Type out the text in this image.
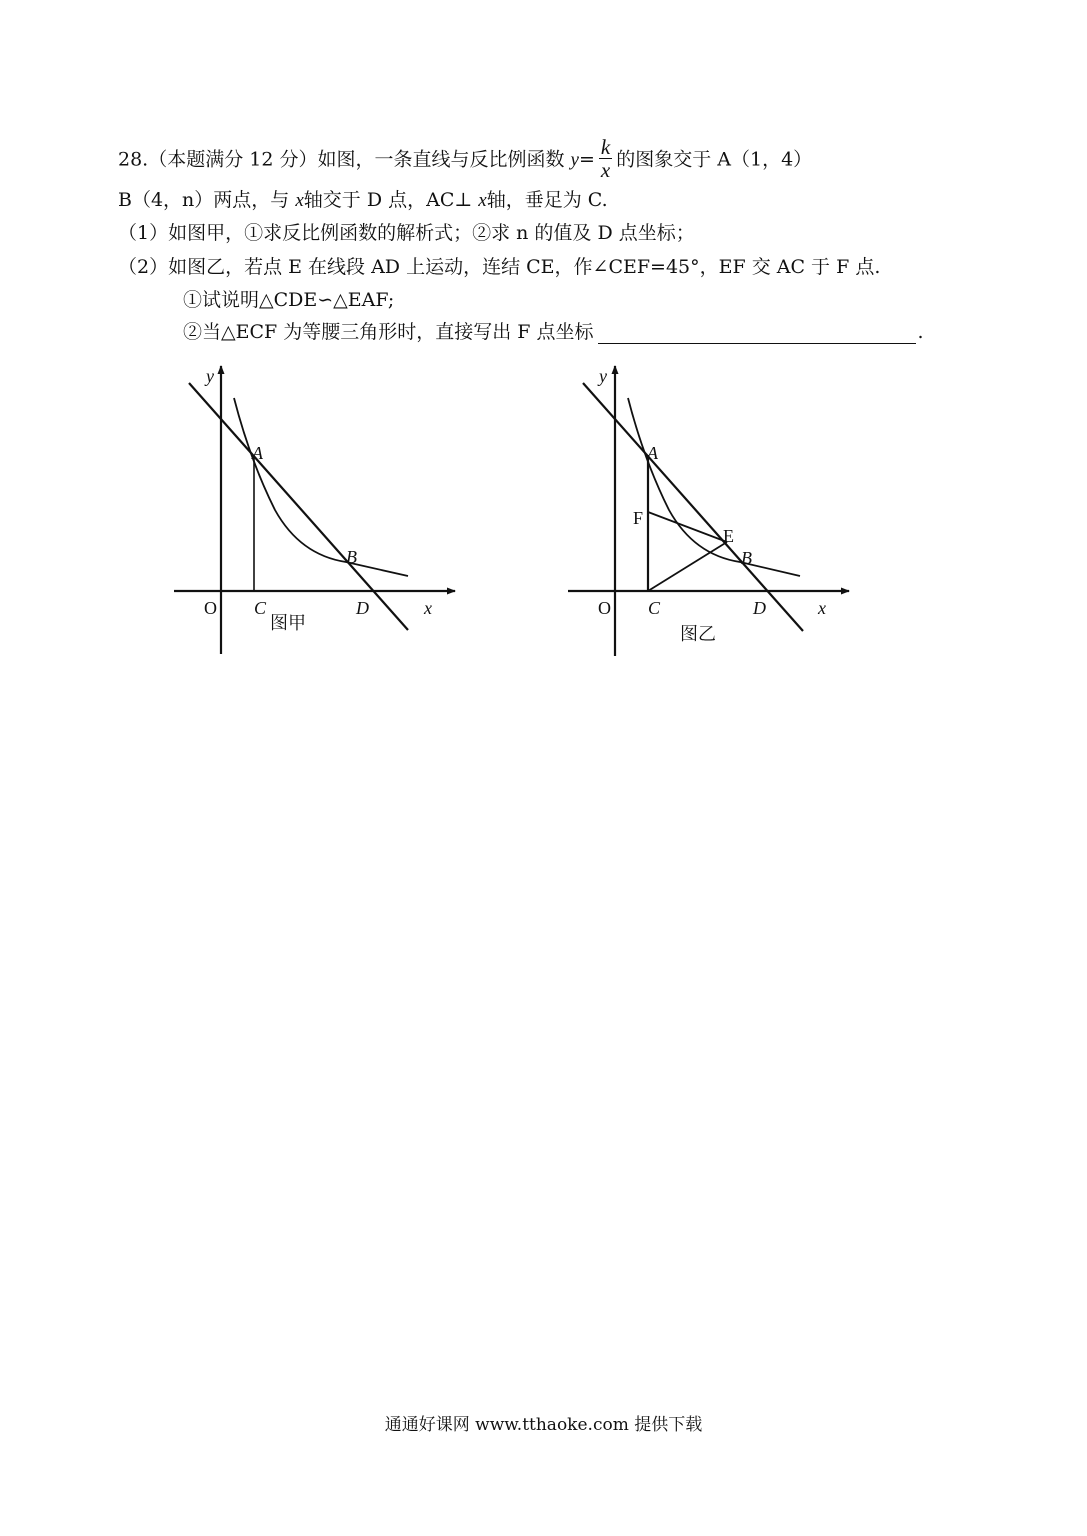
28.（本题满分 12 分）如图，一条直线与反比例函数 $y= \frac{k}{x}$ 的图象交于 A（1，4）
B（4，n）两点，与 x轴交于 D 点，AC⊥ x轴，垂足为 C.
（1）如图甲，①求反比例函数的解析式；②求 n 的值及 D 点坐标；
（2）如图乙，若点 E 在线段 AD 上运动，连结 CE，作∠CEF=45°，EF 交 AC 于 F 点.
①试说明△CDE∽△EAF;
②当△ECF 为等腰三角形时，直接写出 F 点坐标	.
y
A
B
O C	D	x
图甲
y
A
F
E
B
O C	D	x
图乙
通通好课网 www.tthaoke.com 提供下载
